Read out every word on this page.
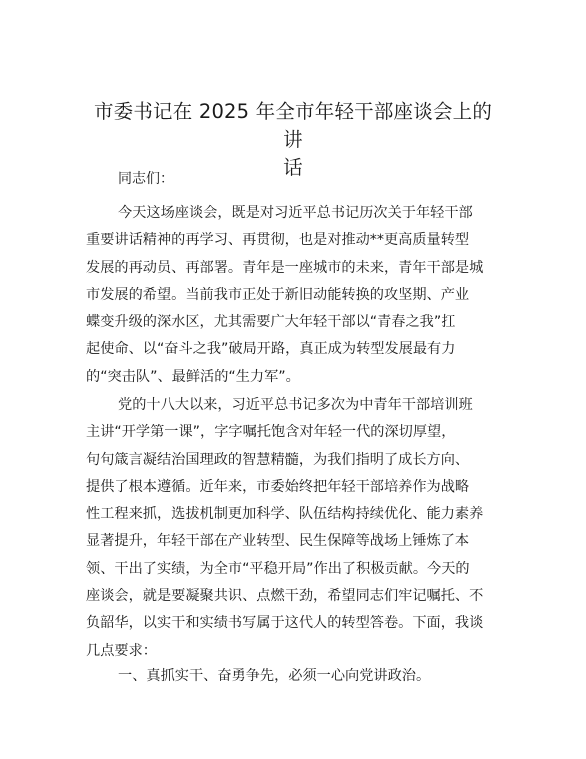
市委书记在 2025 年全市年轻干部座谈会上的讲
话
同志们：
今天这场座谈会，既是对习近平总书记历次关于年轻干部
重要讲话精神的再学习、再贯彻，也是对推动**更高质量转型
发展的再动员、再部署。青年是一座城市的未来，青年干部是城
市发展的希望。当前我市正处于新旧动能转换的攻坚期、产业
蝶变升级的深水区，尤其需要广大年轻干部以“青春之我”扛
起使命、以“奋斗之我”破局开路，真正成为转型发展最有力
的“突击队”、最鲜活的“生力军”。
党的十八大以来，习近平总书记多次为中青年干部培训班
主讲“开学第一课”，字字嘱托饱含对年轻一代的深切厚望，
句句箴言凝结治国理政的智慧精髓，为我们指明了成长方向、
提供了根本遵循。近年来，市委始终把年轻干部培养作为战略
性工程来抓，选拔机制更加科学、队伍结构持续优化、能力素养
显著提升，年轻干部在产业转型、民生保障等战场上锤炼了本
领、干出了实绩，为全市“平稳开局”作出了积极贡献。今天的
座谈会，就是要凝聚共识、点燃干劲，希望同志们牢记嘱托、不
负韶华，以实干和实绩书写属于这代人的转型答卷。下面，我谈
几点要求：
一、真抓实干、奋勇争先，必须一心向党讲政治。
